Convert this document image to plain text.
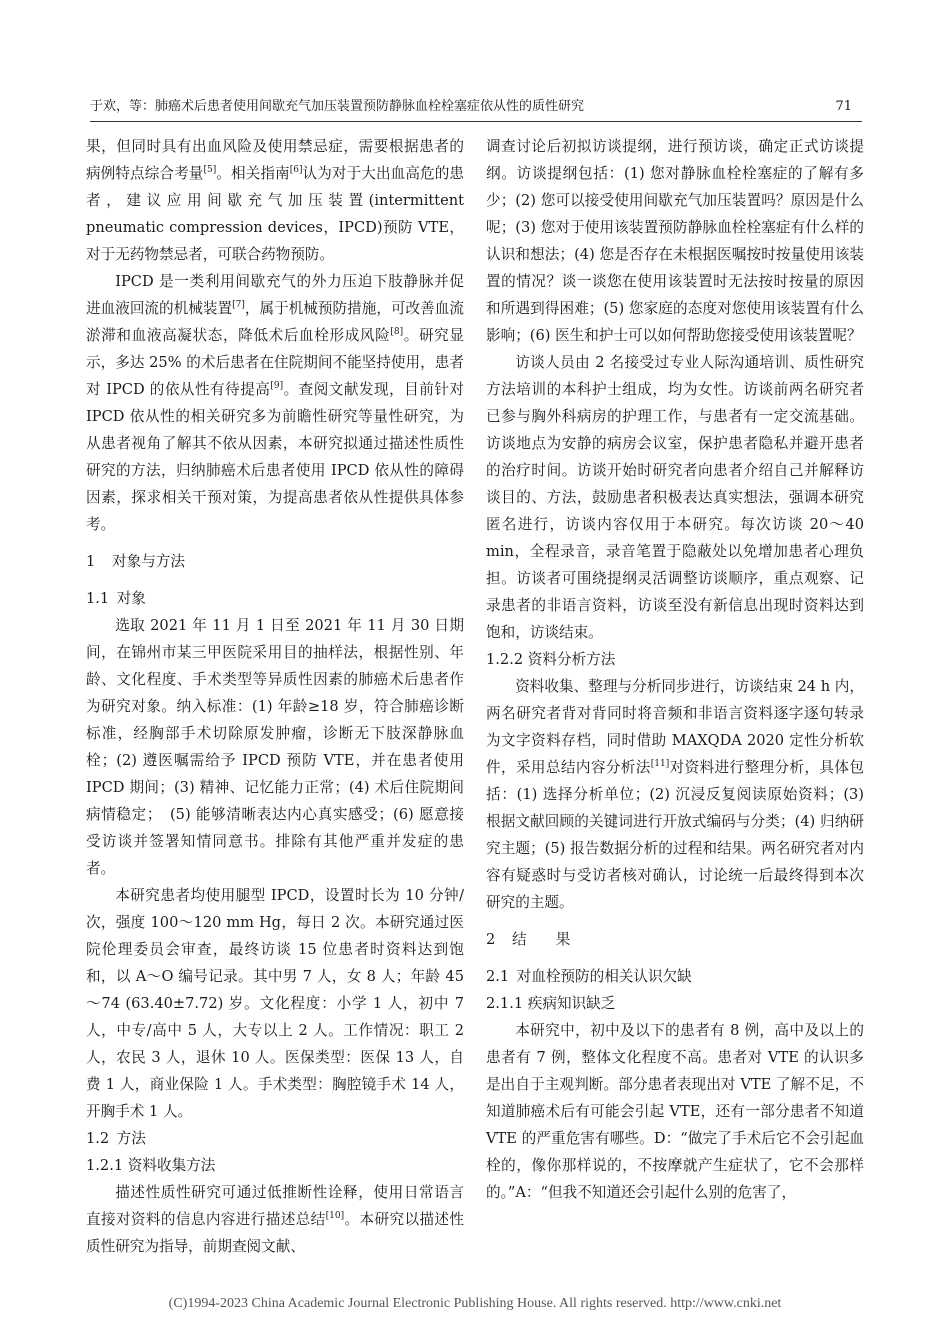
于欢，等：肺癌术后患者使用间歇充气加压装置预防静脉血栓栓塞症依从性的质性研究	71

果，但同时具有出血风险及使用禁忌症，需要根据患者的病例特点综合考量[5]。相关指南[6]认为对于大出血高危的患者，建议应用间歇充气加压装置(intermittent pneumatic compression devices，IPCD)预防 VTE，对于无药物禁忌者，可联合药物预防。

IPCD 是一类利用间歇充气的外力压迫下肢静脉并促进血液回流的机械装置[7]，属于机械预防措施，可改善血流淤滞和血液高凝状态，降低术后血栓形成风险[8]。研究显示，多达 25% 的术后患者在住院期间不能坚持使用，患者对 IPCD 的依从性有待提高[9]。查阅文献发现，目前针对 IPCD 依从性的相关研究多为前瞻性研究等量性研究，为从患者视角了解其不依从因素，本研究拟通过描述性质性研究的方法，归纳肺癌术后患者使用 IPCD 依从性的障碍因素，探求相关干预对策，为提高患者依从性提供具体参考。

1 对象与方法
1.1 对象

选取 2021 年 11 月 1 日至 2021 年 11 月 30 日期间，在锦州市某三甲医院采用目的抽样法，根据性别、年龄、文化程度、手术类型等异质性因素的肺癌术后患者作为研究对象。纳入标准：(1) 年龄≥18 岁，符合肺癌诊断标准，经胸部手术切除原发肿瘤，诊断无下肢深静脉血栓；(2) 遵医嘱需给予 IPCD 预防 VTE，并在患者使用 IPCD 期间；(3) 精神、记忆能力正常；(4) 术后住院期间病情稳定；　(5) 能够清晰表达内心真实感受；(6) 愿意接受访谈并签署知情同意书。排除有其他严重并发症的患者。

本研究患者均使用腿型 IPCD，设置时长为 10 分钟/次，强度 100～120 mm Hg，每日 2 次。本研究通过医院伦理委员会审查，最终访谈 15 位患者时资料达到饱和，以 A～O 编号记录。其中男 7 人，女 8 人；年龄 45～74 (63.40±7.72) 岁。文化程度：小学 1 人，初中 7 人，中专/高中 5 人，大专以上 2 人。工作情况：职工 2 人，农民 3 人，退休 10 人。医保类型：医保 13 人，自费 1 人，商业保险 1 人。手术类型：胸腔镜手术 14 人，开胸手术 1 人。

1.2 方法
1.2.1 资料收集方法

描述性质性研究可通过低推断性诠释，使用日常语言直接对资料的信息内容进行描述总结[10]。本研究以描述性质性研究为指导，前期查阅文献、

调查讨论后初拟访谈提纲，进行预访谈，确定正式访谈提纲。访谈提纲包括：(1) 您对静脉血栓栓塞症的了解有多少；(2) 您可以接受使用间歇充气加压装置吗？原因是什么呢；(3) 您对于使用该装置预防静脉血栓栓塞症有什么样的认识和想法；(4) 您是否存在未根据医嘱按时按量使用该装置的情况？谈一谈您在使用该装置时无法按时按量的原因和所遇到得困难；(5) 您家庭的态度对您使用该装置有什么影响；(6) 医生和护士可以如何帮助您接受使用该装置呢？

访谈人员由 2 名接受过专业人际沟通培训、质性研究方法培训的本科护士组成，均为女性。访谈前两名研究者已参与胸外科病房的护理工作，与患者有一定交流基础。访谈地点为安静的病房会议室，保护患者隐私并避开患者的治疗时间。访谈开始时研究者向患者介绍自己并解释访谈目的、方法，鼓励患者积极表达真实想法，强调本研究匿名进行，访谈内容仅用于本研究。每次访谈 20～40 min，全程录音，录音笔置于隐蔽处以免增加患者心理负担。访谈者可围绕提纲灵活调整访谈顺序，重点观察、记录患者的非语言资料，访谈至没有新信息出现时资料达到饱和，访谈结束。

1.2.2 资料分析方法

资料收集、整理与分析同步进行，访谈结束 24 h 内，两名研究者背对背同时将音频和非语言资料逐字逐句转录为文字资料存档，同时借助 MAXQDA 2020 定性分析软件，采用总结内容分析法[11]对资料进行整理分析，具体包括：(1) 选择分析单位；(2) 沉浸反复阅读原始资料；(3) 根据文献回顾的关键词进行开放式编码与分类；(4) 归纳研究主题；(5) 报告数据分析的过程和结果。两名研究者对内容有疑惑时与受访者核对确认，讨论统一后最终得到本次研究的主题。

2 结　　果
2.1 对血栓预防的相关认识欠缺
2.1.1 疾病知识缺乏

本研究中，初中及以下的患者有 8 例，高中及以上的患者有 7 例，整体文化程度不高。患者对 VTE 的认识多是出自于主观判断。部分患者表现出对 VTE 了解不足，不知道肺癌术后有可能会引起 VTE，还有一部分患者不知道 VTE 的严重危害有哪些。D：“做完了手术后它不会引起血栓的，像你那样说的，不按摩就产生症状了，它不会那样的。”A：“但我不知道还会引起什么别的危害了，

(C)1994-2023 China Academic Journal Electronic Publishing House. All rights reserved. http://www.cnki.net
